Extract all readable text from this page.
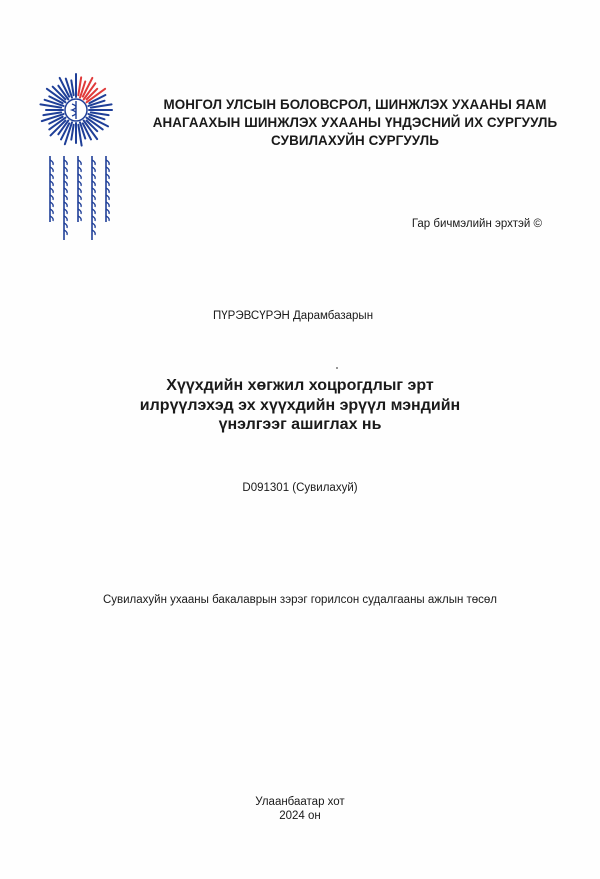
МОНГОЛ УЛСЫН БОЛОВСРОЛ, ШИНЖЛЭХ УХААНЫ ЯАМ
АНАГААХЫН ШИНЖЛЭХ УХААНЫ ҮНДЭСНИЙ ИХ СУРГУУЛЬ
СУВИЛАХУЙН СУРГУУЛЬ
Гар бичмэлийн эрхтэй ©
ПҮРЭВСҮРЭН Дарамбазарын
Хүүхдийн хөгжил хоцрогдлыг эрт
илрүүлэхэд эх хүүхдийн эрүүл мэндийн
үнэлгээг ашиглах нь
D091301 (Сувилахуй)
Сувилахуйн ухааны бакалаврын зэрэг горилсон судалгааны ажлын төсөл
Улаанбаатар хот
2024 он
